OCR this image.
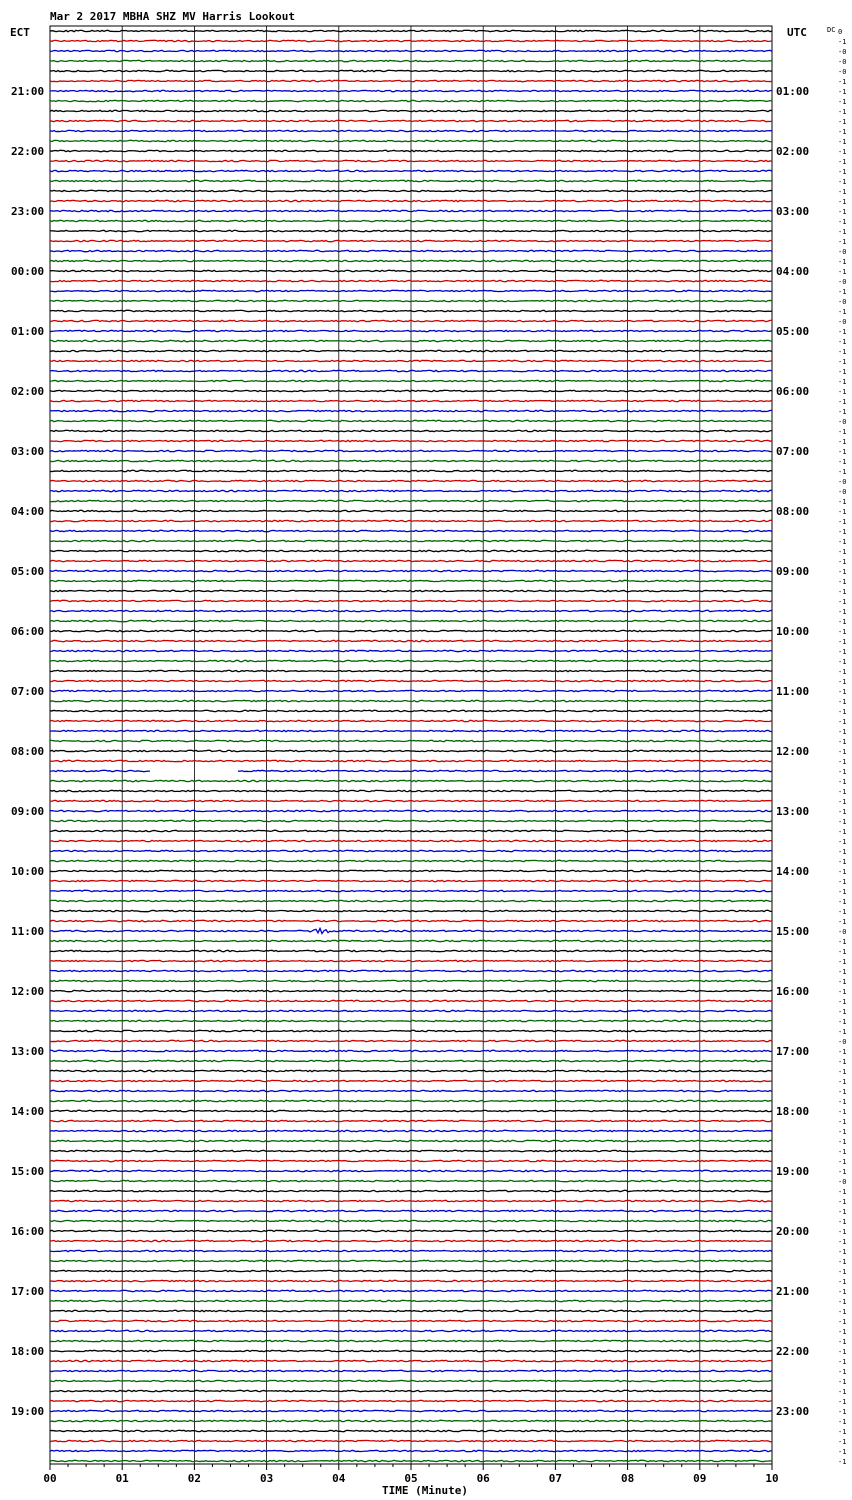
Mar 2 2017 MBHA SHZ MV Harris Lookout
ECT	UTC	DC
21:00
22:00
23:00
00:00
01:00
02:00
03:00
04:00
05:00
06:00
07:00
08:00
09:00
10:00
11:00
12:00
13:00
14:00
15:00
16:00
17:00
18:00
19:00
01:00
02:00
03:00
04:00
05:00
06:00
07:00
08:00
09:00
10:00
11:00
12:00
13:00
14:00
15:00
16:00
17:00
18:00
19:00
20:00
21:00
22:00
23:00
0
-1
-0
-0
-0
-1
-1
-1
-1
-1
-1
-1
-1
-1
-1
-1
-1
-1
-1
-1
-1
-1
-0
-1
-1
-0
-1
-0
-1
-0
-1
-1
-1
-1
-1
-1
-1
-1
-1
-0
-1
-1
-1
-1
-1
-0
-0
-1
-1
-1
-1
-1
-1
-1
-1
-1
-1
-1
-1
-1
-1
-1
-1
-1
-1
-1
-1
-1
-1
-1
-1
-1
-1
-1
-1
-1
-1
-1
-1
-1
-1
-1
-1
-1
-1
-1
-1
-1
-1
-1
-0
-1
-1
-1
-1
-1
-1
-1
-1
-1
-1
-0
-1
-1
-1
-1
-1
-1
-1
-1
-1
-1
-1
-1
-1
-0
-1
-1
-1
-1
-1
-1
-1
-1
-1
-1
-1
-1
-1
-1
-1
-1
-1
-1
-1
-1
-1
-1
-1
-1
-1
-1
-1
-1
00	01	02	03	04	05	06	07	08	09	10
TIME (Minute)
